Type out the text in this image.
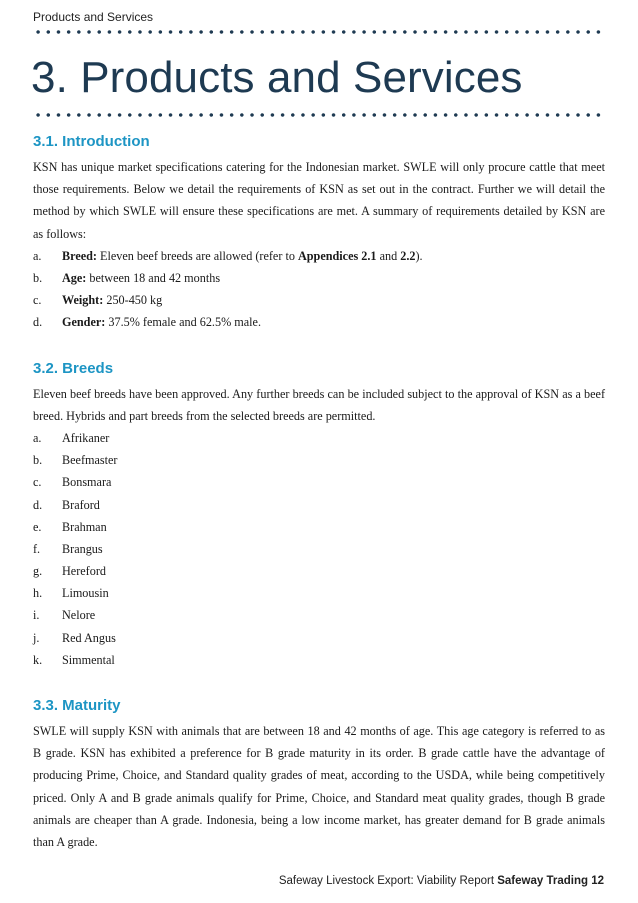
Products and Services
3. Products and Services
3.1. Introduction

KSN has unique market specifications catering for the Indonesian market. SWLE will only procure cattle that meet those requirements. Below we detail the requirements of KSN as set out in the contract. Further we will detail the method by which SWLE will ensure these specifications are met. A summary of requirements detailed by KSN are as follows:

a.	Breed: Eleven beef breeds are allowed (refer to Appendices 2.1 and 2.2).
b.	Age: between 18 and 42 months
c.	Weight: 250-450 kg
d.	Gender: 37.5% female and 62.5% male.
3.2. Breeds

Eleven beef breeds have been approved. Any further breeds can be included subject to the approval of KSN as a beef breed. Hybrids and part breeds from the selected breeds are permitted.

a.	Afrikaner
b.	Beefmaster
c.	Bonsmara
d.	Braford
e.	Brahman
f.	Brangus
g.	Hereford
h.	Limousin
i.	Nelore
j.	Red Angus
k.	Simmental
3.3. Maturity

SWLE will supply KSN with animals that are between 18 and 42 months of age. This age category is referred to as B grade. KSN has exhibited a preference for B grade maturity in its order. B grade cattle have the advantage of producing Prime, Choice, and Standard quality grades of meat, according to the USDA, while being competitively priced. Only A and B grade animals qualify for Prime, Choice, and Standard meat quality grades, though B grade animals are cheaper than A grade. Indonesia, being a low income market, has greater demand for B grade animals than A grade.

Safeway Livestock Export: Viability Report Safeway Trading 12
